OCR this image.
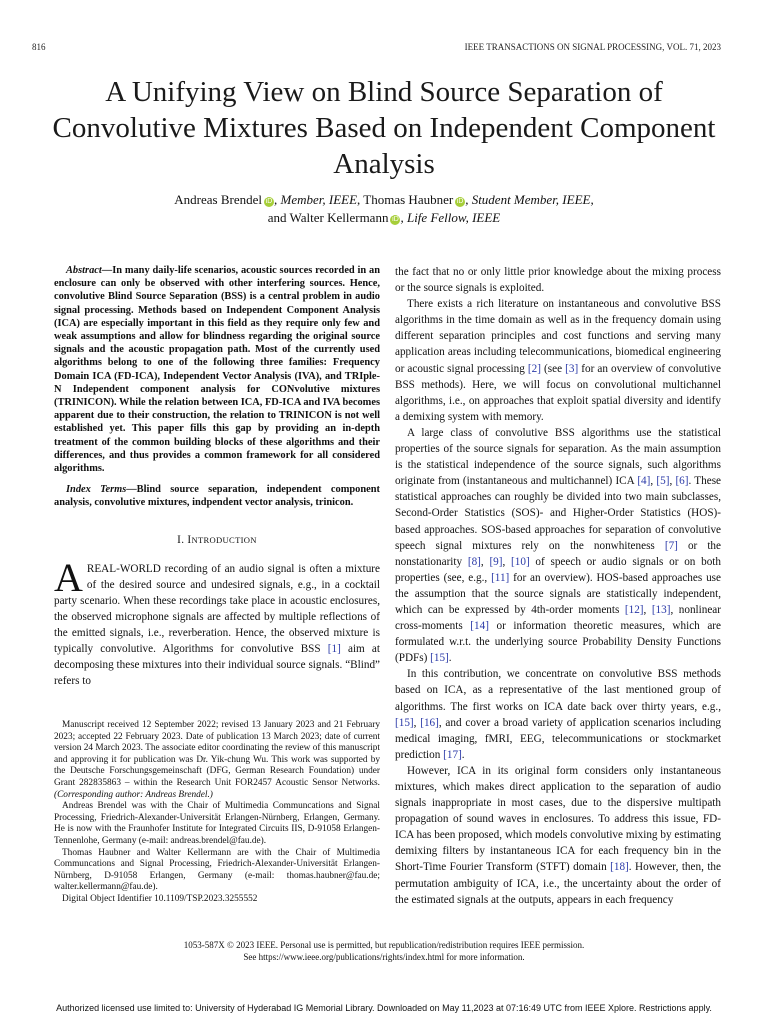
816	IEEE TRANSACTIONS ON SIGNAL PROCESSING, VOL. 71, 2023
A Unifying View on Blind Source Separation of Convolutive Mixtures Based on Independent Component Analysis
Andreas Brendel iD , Member, IEEE, Thomas Haubner iD , Student Member, IEEE,
and Walter Kellermann iD , Life Fellow, IEEE

Abstract—In many daily-life scenarios, acoustic sources recorded in an enclosure can only be observed with other interfering sources. Hence, convolutive Blind Source Separation (BSS) is a central problem in audio signal processing. Methods based on Independent Component Analysis (ICA) are especially important in this field as they require only few and weak assumptions and allow for blindness regarding the original source signals and the acoustic propagation path. Most of the currently used algorithms belong to one of the following three families: Frequency Domain ICA (FD-ICA), Independent Vector Analysis (IVA), and TRIple-N Independent component analysis for CONvolutive mixtures (TRINICON). While the relation between ICA, FD-ICA and IVA becomes apparent due to their construction, the relation to TRINICON is not well established yet. This paper fills this gap by providing an in-depth treatment of the common building blocks of these algorithms and their differences, and thus provides a common framework for all considered algorithms.

Index Terms—Blind source separation, independent component analysis, convolutive mixtures, indpendent vector analysis, trinicon.

I. INTRODUCTION

AREAL-WORLD recording of an audio signal is often a mixture of the desired source and undesired signals, e.g., in a cocktail party scenario. When these recordings take place in acoustic enclosures, the observed microphone signals are affected by multiple reflections of the emitted signals, i.e., reverberation. Hence, the observed mixture is typically convolutive. Algorithms for convolutive BSS [1] aim at decomposing these mixtures into their individual source signals. “Blind” refers to

Manuscript received 12 September 2022; revised 13 January 2023 and 21 February 2023; accepted 22 February 2023. Date of publication 13 March 2023; date of current version 24 March 2023. The associate editor coordinating the review of this manuscript and approving it for publication was Dr. Yik-chung Wu. This work was supported by the Deutsche Forschungsgemeinschaft (DFG, German Research Foundation) under Grant 282835863 – within the Research Unit FOR2457 Acoustic Sensor Networks. (Corresponding author: Andreas Brendel.)

Andreas Brendel was with the Chair of Multimedia Communcations and Signal Processing, Friedrich-Alexander-Universität Erlangen-Nürnberg, Erlangen, Germany. He is now with the Fraunhofer Institute for Integrated Circuits IIS, D-91058 Erlangen-Tennenlohe, Germany (e-mail: andreas.brendel@fau.de).

Thomas Haubner and Walter Kellermann are with the Chair of Multimedia Communcations and Signal Processing, Friedrich-Alexander-Universität Erlangen-Nürnberg, D-91058 Erlangen, Germany (e-mail: thomas.haubner@fau.de; walter.kellermann@fau.de).

Digital Object Identifier 10.1109/TSP.2023.3255552

the fact that no or only little prior knowledge about the mixing process or the source signals is exploited.

There exists a rich literature on instantaneous and convolutive BSS algorithms in the time domain as well as in the frequency domain using different separation principles and cost functions and serving many application areas including telecommunications, biomedical engineering or acoustic signal processing [2] (see [3] for an overview of convolutive BSS methods). Here, we will focus on convolutional multichannel algorithms, i.e., on approaches that exploit spatial diversity and identify a demixing system with memory.

A large class of convolutive BSS algorithms use the statistical properties of the source signals for separation. As the main assumption is the statistical independence of the source signals, such algorithms originate from (instantaneous and multichannel) ICA [4], [5], [6]. These statistical approaches can roughly be divided into two main subclasses, Second-Order Statistics (SOS)- and Higher-Order Statistics (HOS)-based approaches. SOS-based approaches for separation of convolutive speech signal mixtures rely on the nonwhiteness [7] or the nonstationarity [8], [9], [10] of speech or audio signals or on both properties (see, e.g., [11] for an overview). HOS-based approaches use the assumption that the source signals are statistically independent, which can be expressed by 4th-order moments [12], [13], nonlinear cross-moments [14] or information theoretic measures, which are formulated w.r.t. the underlying source Probability Density Functions (PDFs) [15].

In this contribution, we concentrate on convolutive BSS methods based on ICA, as a representative of the last mentioned group of algorithms. The first works on ICA date back over thirty years, e.g., [15], [16], and cover a broad variety of application scenarios including medical imaging, fMRI, EEG, telecommunications or stockmarket prediction [17].

However, ICA in its original form considers only instantaneous mixtures, which makes direct application to the separation of audio signals inappropriate in most cases, due to the dispersive multipath propagation of sound waves in enclosures. To address this issue, FD-ICA has been proposed, which models convolutive mixing by estimating demixing filters by instantaneous ICA for each frequency bin in the Short-Time Fourier Transform (STFT) domain [18]. However, then, the permutation ambiguity of ICA, i.e., the uncertainty about the order of the estimated signals at the outputs, appears in each frequency

1053-587X © 2023 IEEE. Personal use is permitted, but republication/redistribution requires IEEE permission.
See https://www.ieee.org/publications/rights/index.html for more information.
Authorized licensed use limited to: University of Hyderabad IG Memorial Library. Downloaded on May 11,2023 at 07:16:49 UTC from IEEE Xplore. Restrictions apply.
